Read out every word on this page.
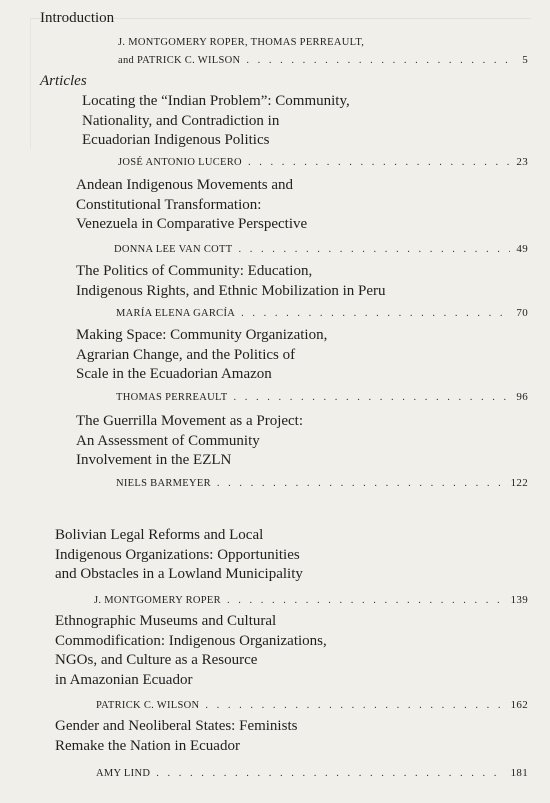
Introduction
J. MONTGOMERY ROPER, THOMAS PERREAULT,
and PATRICK C. WILSON . . .	5
Articles
Locating the “Indian Problem”: Community,
Nationality, and Contradiction in
Ecuadorian Indigenous Politics
JOSÉ ANTONIO LUCERO . . .	23
Andean Indigenous Movements and
Constitutional Transformation:
Venezuela in Comparative Perspective
DONNA LEE VAN COTT . . .	49
The Politics of Community: Education,
Indigenous Rights, and Ethnic Mobilization in Peru
MARÍA ELENA GARCÍA . . .	70
Making Space: Community Organization,
Agrarian Change, and the Politics of
Scale in the Ecuadorian Amazon
THOMAS PERREAULT . . .	96
The Guerrilla Movement as a Project:
An Assessment of Community
Involvement in the EZLN
NIELS BARMEYER . . .	122
Bolivian Legal Reforms and Local
Indigenous Organizations: Opportunities
and Obstacles in a Lowland Municipality
J. MONTGOMERY ROPER . . .	139
Ethnographic Museums and Cultural
Commodification: Indigenous Organizations,
NGOs, and Culture as a Resource
in Amazonian Ecuador
PATRICK C. WILSON . . .	162
Gender and Neoliberal States: Feminists
Remake the Nation in Ecuador
AMY LIND . . .	181
